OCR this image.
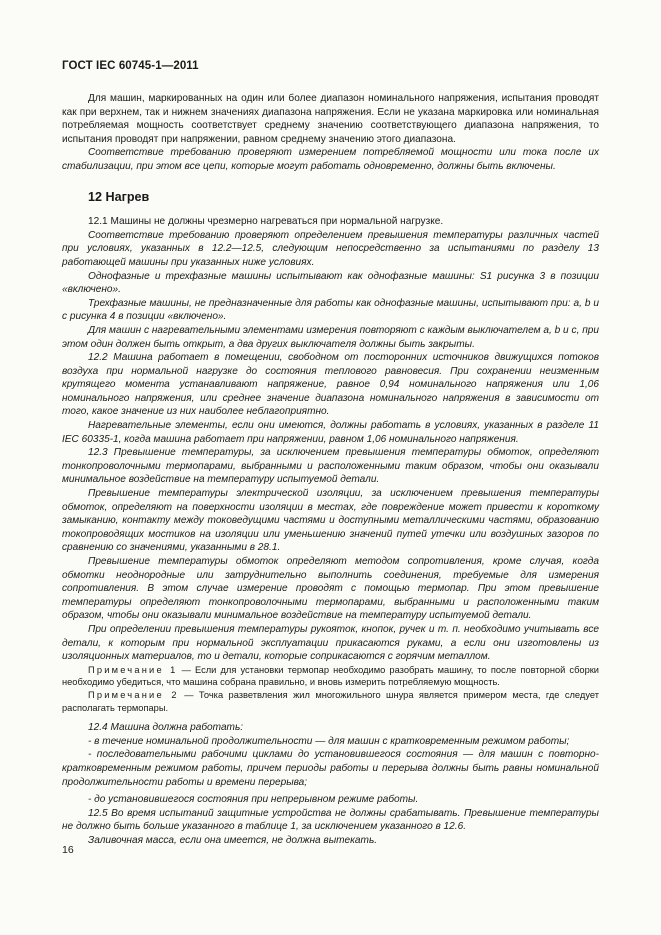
ГОСТ IEC 60745-1—2011

Для машин, маркированных на один или более диапазон номинального напряжения, испытания проводят как при верхнем, так и нижнем значениях диапазона напряжения. Если не указана маркировка или номинальная потребляемая мощность соответствует среднему значению соответствующего диапазона напряжения, то испытания проводят при напряжении, равном среднему значению этого диапазона.

Соответствие требованию проверяют измерением потребляемой мощности или тока после их стабилизации, при этом все цепи, которые могут работать одновременно, должны быть включены.

12 Нагрев

12.1 Машины не должны чрезмерно нагреваться при нормальной нагрузке.

Соответствие требованию проверяют определением превышения температуры различных частей при условиях, указанных в 12.2—12.5, следующим непосредственно за испытаниями по разделу 13 работающей машины при указанных ниже условиях.

Однофазные и трехфазные машины испытывают как однофазные машины: S1 рисунка 3 в позиции «включено».

Трехфазные машины, не предназначенные для работы как однофазные машины, испытывают при: a, b и c рисунка 4 в позиции «включено».

Для машин с нагревательными элементами измерения повторяют с каждым выключателем a, b и c, при этом один должен быть открыт, а два других выключателя должны быть закрыты.

12.2 Машина работает в помещении, свободном от посторонних источников движущихся потоков воздуха при нормальной нагрузке до состояния теплового равновесия. При сохранении неизменным крутящего момента устанавливают напряжение, равное 0,94 номинального напряжения или 1,06 номинального напряжения, или среднее значение диапазона номинального напряжения в зависимости от того, какое значение из них наиболее неблагоприятно.

Нагревательные элементы, если они имеются, должны работать в условиях, указанных в разделе 11 IEC 60335-1, когда машина работает при напряжении, равном 1,06 номинального напряжения.

12.3 Превышение температуры, за исключением превышения температуры обмоток, определяют тонкопроволочными термопарами, выбранными и расположенными таким образом, чтобы они оказывали минимальное воздействие на температуру испытуемой детали.

Превышение температуры электрической изоляции, за исключением превышения температуры обмоток, определяют на поверхности изоляции в местах, где повреждение может привести к короткому замыканию, контакту между токоведущими частями и доступными металлическими частями, образованию токопроводящих мостиков на изоляции или уменьшению значений путей утечки или воздушных зазоров по сравнению со значениями, указанными в 28.1.

Превышение температуры обмоток определяют методом сопротивления, кроме случая, когда обмотки неоднородные или затруднительно выполнить соединения, требуемые для измерения сопротивления. В этом случае измерение проводят с помощью термопар. При этом превышение температуры определяют тонкопроволочными термопарами, выбранными и расположенными таким образом, чтобы они оказывали минимальное воздействие на температуру испытуемой детали.

При определении превышения температуры рукояток, кнопок, ручек и т. п. необходимо учитывать все детали, к которым при нормальной эксплуатации прикасаются руками, а если они изготовлены из изоляционных материалов, то и детали, которые соприкасаются с горячим металлом.

Примечание 1 — Если для установки термопар необходимо разобрать машину, то после повторной сборки необходимо убедиться, что машина собрана правильно, и вновь измерить потребляемую мощность.

Примечание 2 — Точка разветвления жил многожильного шнура является примером места, где следует располагать термопары.

12.4 Машина должна работать:

- в течение номинальной продолжительности — для машин с кратковременным режимом работы;

- последовательными рабочими циклами до установившегося состояния — для машин с повторно-кратковременным режимом работы, причем периоды работы и перерыва должны быть равны номинальной продолжительности работы и времени перерыва;

- до установившегося состояния при непрерывном режиме работы.

12.5 Во время испытаний защитные устройства не должны срабатывать. Превышение температуры не должно быть больше указанного в таблице 1, за исключением указанного в 12.6.

Заливочная масса, если она имеется, не должна вытекать.

16
